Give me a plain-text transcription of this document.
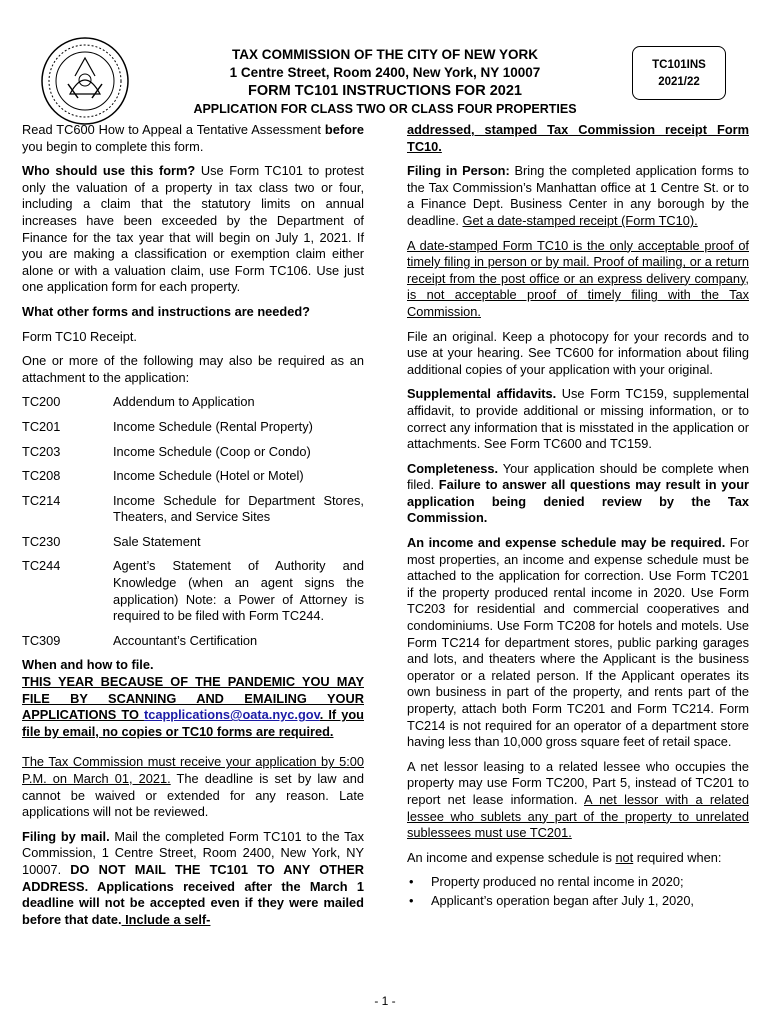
TAX COMMISSION OF THE CITY OF NEW YORK
1 Centre Street, Room 2400, New York, NY 10007
FORM TC101 INSTRUCTIONS FOR 2021
APPLICATION FOR CLASS TWO OR CLASS FOUR PROPERTIES
TC101INS
2021/22

Read TC600 How to Appeal a Tentative Assessment before you begin to complete this form.

Who should use this form? Use Form TC101 to protest only the valuation of a property in tax class two or four, including a claim that the statutory limits on annual increases have been exceeded by the Department of Finance for the tax year that will begin on July 1, 2021. If you are making a classification or exemption claim either alone or with a valuation claim, use Form TC106. Use just one application form for each property.

What other forms and instructions are needed?

Form TC10 Receipt.

One or more of the following may also be required as an attachment to the application:

TC200	Addendum to Application
TC201	Income Schedule (Rental Property)
TC203	Income Schedule (Coop or Condo)
TC208	Income Schedule (Hotel or Motel)
TC214	Income Schedule for Department Stores, Theaters, and Service Sites
TC230	Sale Statement
TC244	Agent’s Statement of Authority and Knowledge (when an agent signs the application) Note: a Power of Attorney is required to be filed with Form TC244.
TC309	Accountant’s Certification
When and how to file.

THIS YEAR BECAUSE OF THE PANDEMIC YOU MAY FILE BY SCANNING AND EMAILING YOUR APPLICATIONS TO tcapplications@oata.nyc.gov. If you file by email, no copies or TC10 forms are required.

The Tax Commission must receive your application by 5:00 P.M. on March 01, 2021. The deadline is set by law and cannot be waived or extended for any reason. Late applications will not be reviewed.

Filing by mail. Mail the completed Form TC101 to the Tax Commission, 1 Centre Street, Room 2400, New York, NY 10007. DO NOT MAIL THE TC101 TO ANY OTHER ADDRESS. Applications received after the March 1 deadline will not be accepted even if they were mailed before that date. Include a self-

addressed, stamped Tax Commission receipt Form TC10.

Filing in Person: Bring the completed application forms to the Tax Commission’s Manhattan office at 1 Centre St. or to a Finance Dept. Business Center in any borough by the deadline. Get a date-stamped receipt (Form TC10).

A date-stamped Form TC10 is the only acceptable proof of timely filing in person or by mail. Proof of mailing, or a return receipt from the post office or an express delivery company, is not acceptable proof of timely filing with the Tax Commission.

File an original. Keep a photocopy for your records and to use at your hearing. See TC600 for information about filing additional copies of your application with your original.

Supplemental affidavits. Use Form TC159, supplemental affidavit, to provide additional or missing information, or to correct any information that is misstated in the application or attachments. See Form TC600 and TC159.

Completeness. Your application should be complete when filed. Failure to answer all questions may result in your application being denied review by the Tax Commission.

An income and expense schedule may be required. For most properties, an income and expense schedule must be attached to the application for correction. Use Form TC201 if the property produced rental income in 2020. Use Form TC203 for residential and commercial cooperatives and condominiums. Use Form TC208 for hotels and motels. Use Form TC214 for department stores, public parking garages and lots, and theaters where the Applicant is the business operator or a related person. If the Applicant operates its own business in part of the property, and rents part of the property, attach both Form TC201 and Form TC214. Form TC214 is not required for an operator of a department store having less than 10,000 gross square feet of retail space.

A net lessor leasing to a related lessee who occupies the property may use Form TC200, Part 5, instead of TC201 to report net lease information. A net lessor with a related lessee who sublets any part of the property to unrelated sublessees must use TC201.

An income and expense schedule is not required when:

• Property produced no rental income in 2020;
• Applicant’s operation began after July 1, 2020,
- 1 -
